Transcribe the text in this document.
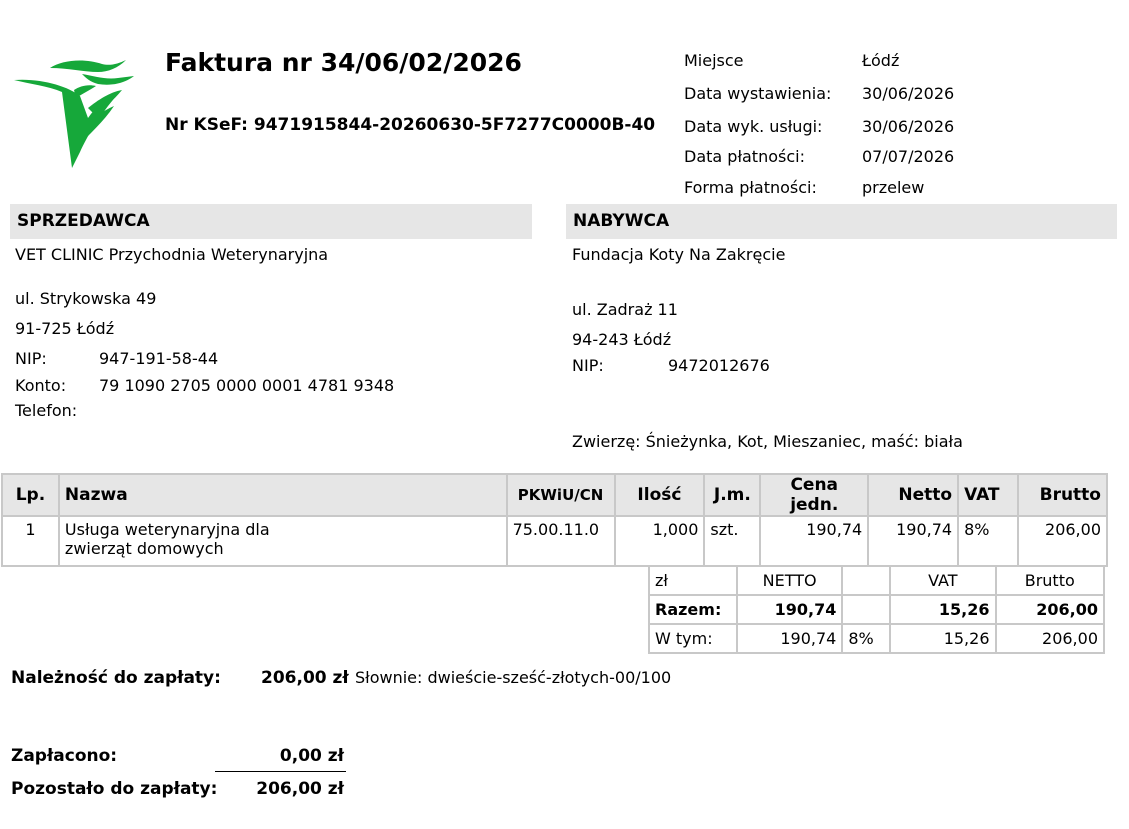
Faktura nr 34/06/02/2026
Nr KSeF: 9471915844-20260630-5F7277C0000B-40
Miejsce	Łódź
Data wystawienia: 30/06/2026
Data wyk. usługi: 30/06/2026
Data płatności:	07/07/2026
Forma płatności:	przelew
SPRZEDAWCA	NABYWCA
VET CLINIC Przychodnia Weterynaryjna
ul. Strykowska 49
91-725 Łódź
NIP:	947-191-58-44
Konto: 79 1090 2705 0000 0001 4781 9348
Telefon:
Fundacja Koty Na Zakręcie
ul. Zadraż 11
94-243 Łódź
NIP:	9472012676
Zwierzę: Śnieżynka, Kot, Mieszaniec, maść: biała
Lp.	Nazwa	PKWiU/CN	Ilość	J.m.	Cena jedn.	Netto	VAT	Brutto
1	Usługa weterynaryjna dla
zwierząt domowych	75.00.11.0	1,000	szt.	190,74	190,74	8%	206,00
zł	NETTO		VAT	Brutto
Razem:	190,74		15,26	206,00
W tym:	190,74	8%	15,26	206,00
Należność do zapłaty: 206,00 zł Słownie: dwieście-sześć-złotych-00/100
Zapłacono:	0,00 zł
Pozostało do zapłaty: 206,00 zł
